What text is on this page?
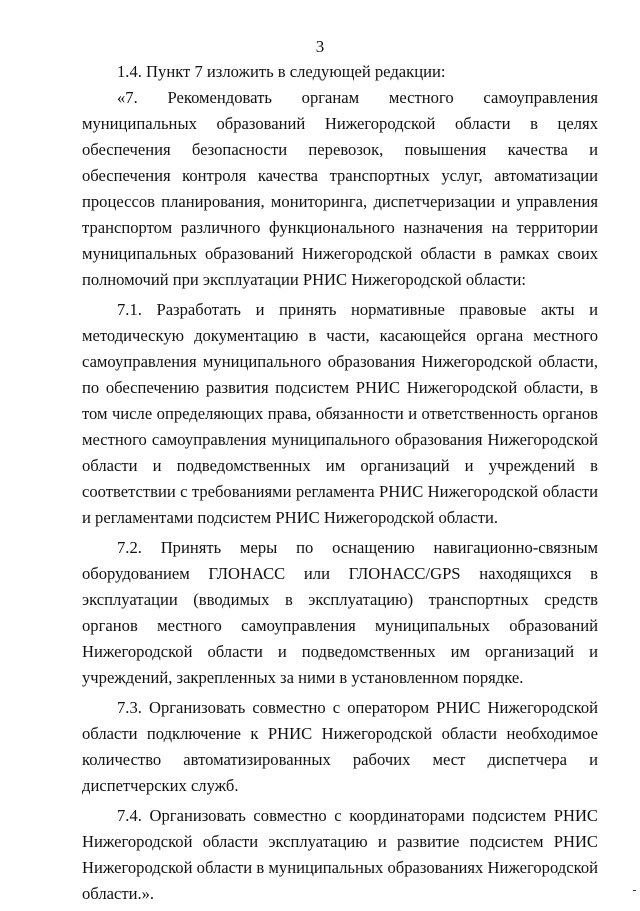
3

1.4. Пункт 7 изложить в следующей редакции:

«7. Рекомендовать органам местного самоуправления муниципальных образований Нижегородской области в целях обеспечения безопасности перевозок, повышения качества и обеспечения контроля качества транспортных услуг, автоматизации процессов планирования, мониторинга, диспетчеризации и управления транспортом различного функционального назначения на территории муниципальных образований Нижегородской области в рамках своих полномочий при эксплуатации РНИС Нижегородской области:

7.1. Разработать и принять нормативные правовые акты и методическую документацию в части, касающейся органа местного самоуправления муниципального образования Нижегородской области, по обеспечению развития подсистем РНИС Нижегородской области, в том числе определяющих права, обязанности и ответственность органов местного самоуправления муниципального образования Нижегородской области и подведомственных им организаций и учреждений в соответствии с требованиями регламента РНИС Нижегородской области и регламентами подсистем РНИС Нижегородской области.

7.2. Принять меры по оснащению навигационно-связным оборудованием ГЛОНАСС или ГЛОНАСС/GPS находящихся в эксплуатации (вводимых в эксплуатацию) транспортных средств органов местного самоуправления муниципальных образований Нижегородской области и подведомственных им организаций и учреждений, закрепленных за ними в установленном порядке.

7.3. Организовать совместно с оператором РНИС Нижегородской области подключение к РНИС Нижегородской области необходимое количество автоматизированных рабочих мест диспетчера и диспетчерских служб.

7.4. Организовать совместно с координаторами подсистем РНИС Нижегородской области эксплуатацию и развитие подсистем РНИС Нижегородской области в муниципальных образованиях Нижегородской области.».
